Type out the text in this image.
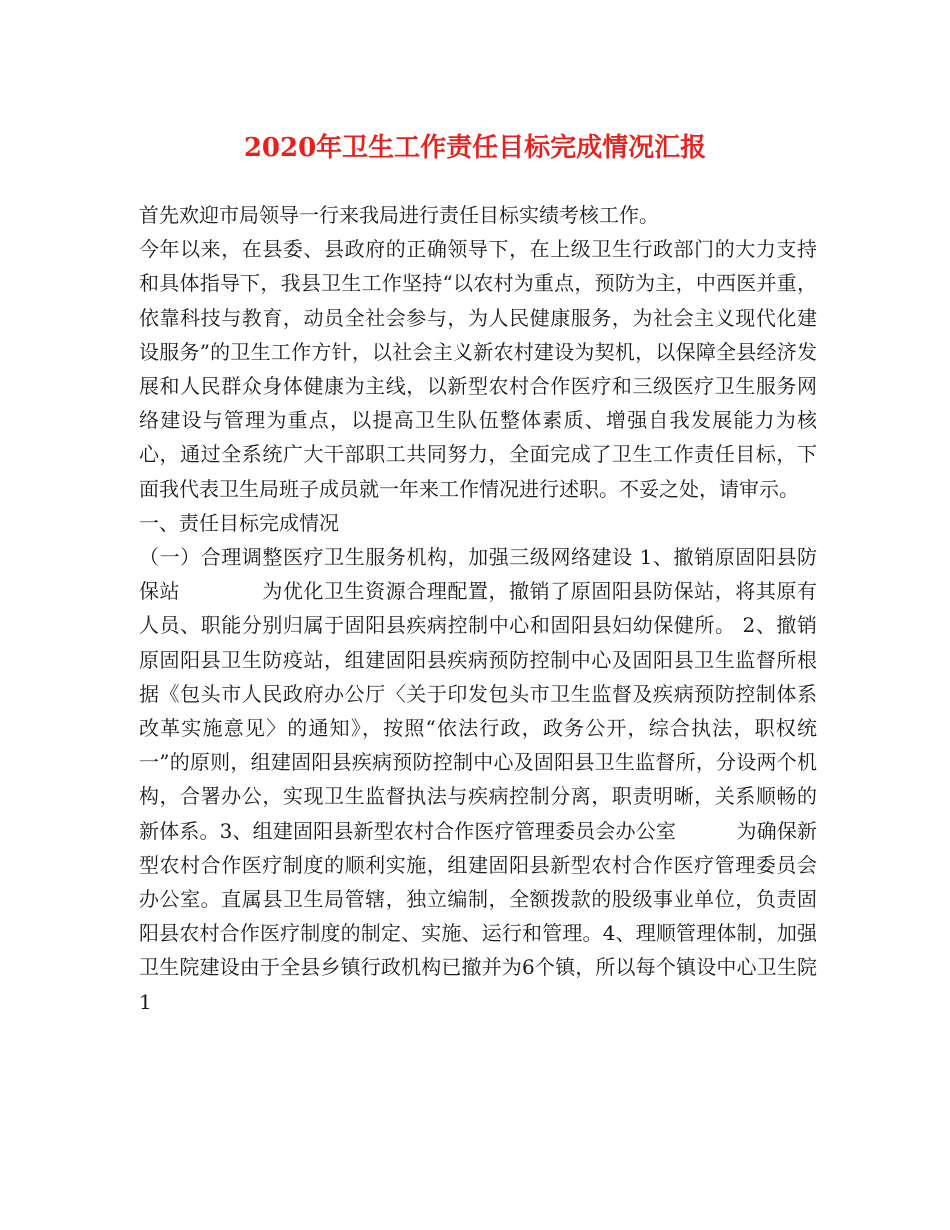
2020年卫生工作责任目标完成情况汇报

首先欢迎市局领导一行来我局进行责任目标实绩考核工作。

今年以来，在县委、县政府的正确领导下，在上级卫生行政部门的大力支持和具体指导下，我县卫生工作坚持“以农村为重点，预防为主，中西医并重，依靠科技与教育，动员全社会参与，为人民健康服务，为社会主义现代化建设服务”的卫生工作方针，以社会主义新农村建设为契机，以保障全县经济发展和人民群众身体健康为主线，以新型农村合作医疗和三级医疗卫生服务网络建设与管理为重点，以提高卫生队伍整体素质、增强自我发展能力为核心，通过全系统广大干部职工共同努力，全面完成了卫生工作责任目标，下面我代表卫生局班子成员就一年来工作情况进行述职。不妥之处，请审示。

一、责任目标完成情况

（一）合理调整医疗卫生服务机构，加强三级网络建设 1、撤销原固阳县防保站　　　　为优化卫生资源合理配置，撤销了原固阳县防保站，将其原有人员、职能分别归属于固阳县疾病控制中心和固阳县妇幼保健所。 2、撤销原固阳县卫生防疫站，组建固阳县疾病预防控制中心及固阳县卫生监督所根据《包头市人民政府办公厅〈关于印发包头市卫生监督及疾病预防控制体系改革实施意见〉的通知》，按照“依法行政，政务公开，综合执法，职权统一”的原则，组建固阳县疾病预防控制中心及固阳县卫生监督所，分设两个机构，合署办公，实现卫生监督执法与疾病控制分离，职责明晰，关系顺畅的新体系。3、组建固阳县新型农村合作医疗管理委员会办公室　　　为确保新型农村合作医疗制度的顺利实施，组建固阳县新型农村合作医疗管理委员会办公室。直属县卫生局管辖，独立编制，全额拨款的股级事业单位，负责固阳县农村合作医疗制度的制定、实施、运行和管理。4、理顺管理体制，加强卫生院建设由于全县乡镇行政机构已撤并为6个镇，所以每个镇设中心卫生院1
